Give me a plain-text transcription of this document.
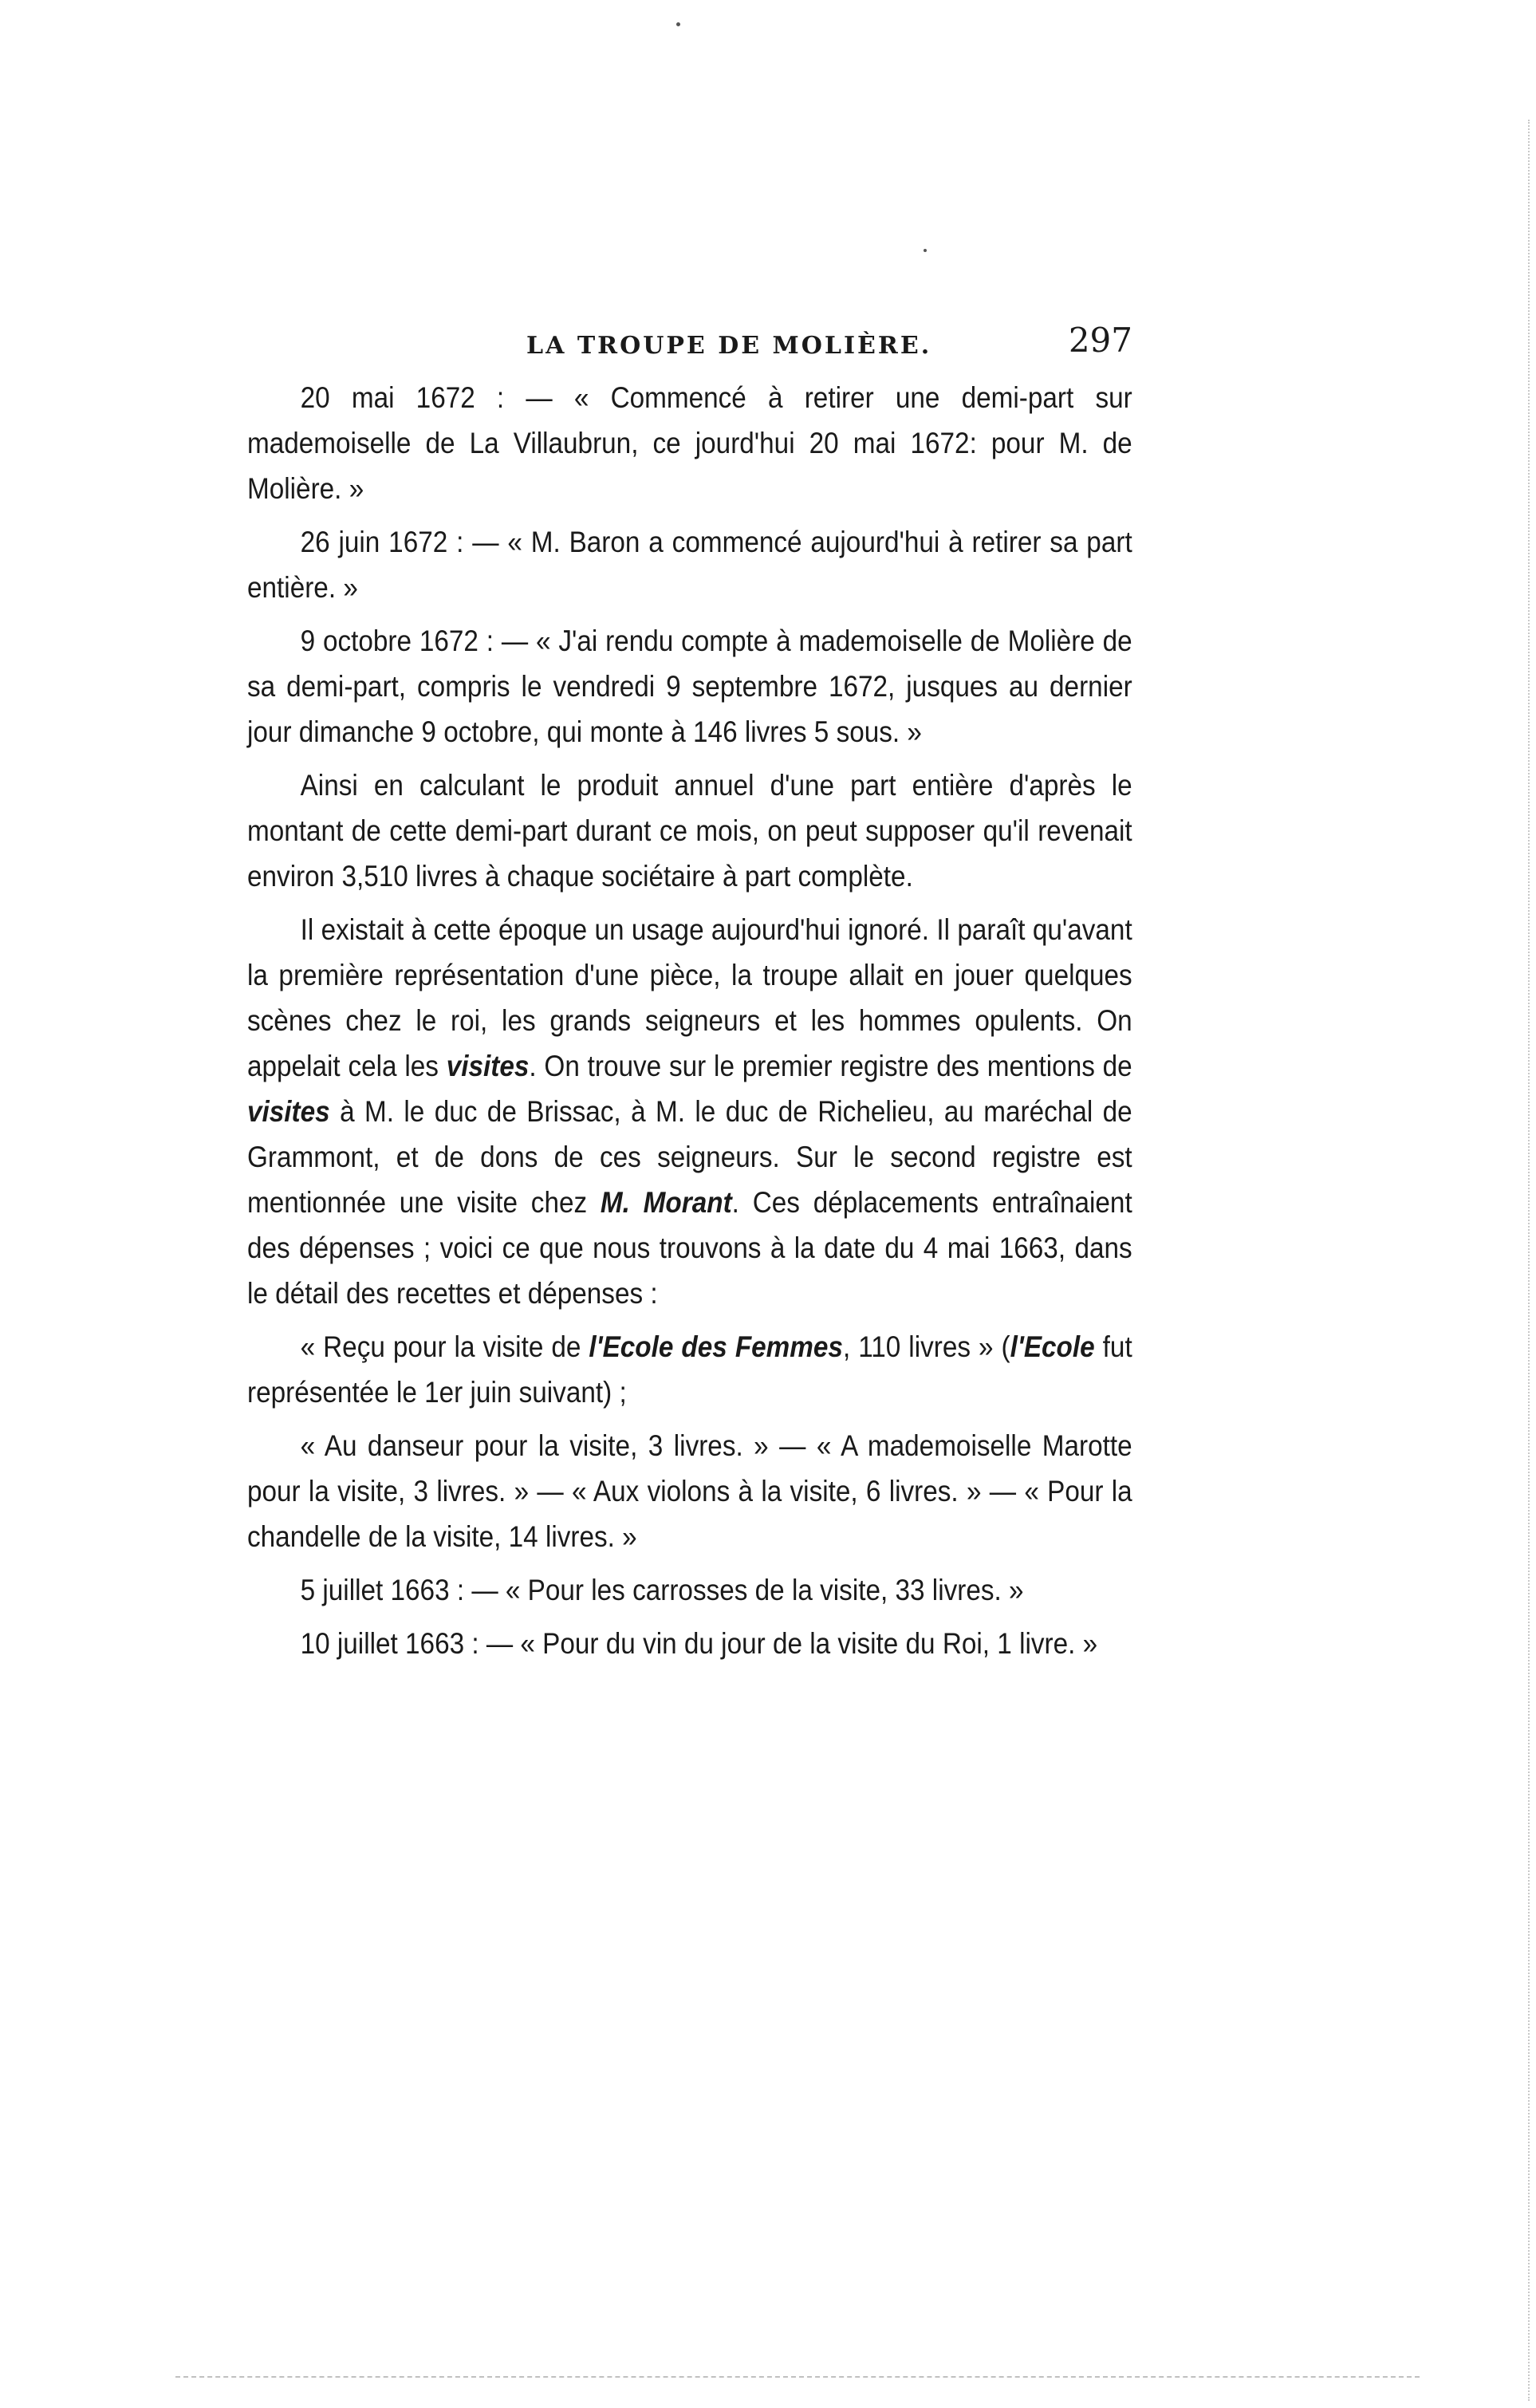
LA TROUPE DE MOLIÈRE.	297

20 mai 1672 : — « Commencé à retirer une demi-part sur mademoiselle de La Villaubrun, ce jourd'hui 20 mai 1672: pour M. de Molière. »

26 juin 1672 : — « M. Baron a commencé aujourd'hui à retirer sa part entière. »

9 octobre 1672 : — « J'ai rendu compte à mademoiselle de Molière de sa demi-part, compris le vendredi 9 septembre 1672, jusques au dernier jour dimanche 9 octobre, qui monte à 146 livres 5 sous. »

Ainsi en calculant le produit annuel d'une part entière d'après le montant de cette demi-part durant ce mois, on peut supposer qu'il revenait environ 3,510 livres à chaque sociétaire à part complète.

Il existait à cette époque un usage aujourd'hui ignoré. Il paraît qu'avant la première représentation d'une pièce, la troupe allait en jouer quelques scènes chez le roi, les grands seigneurs et les hommes opulents. On appelait cela les visites. On trouve sur le premier registre des mentions de visites à M. le duc de Brissac, à M. le duc de Richelieu, au maréchal de Grammont, et de dons de ces seigneurs. Sur le second registre est mentionnée une visite chez M. Morant. Ces déplacements entraînaient des dépenses ; voici ce que nous trouvons à la date du 4 mai 1663, dans le détail des recettes et dépenses :

« Reçu pour la visite de l'Ecole des Femmes, 110 livres » (l'Ecole fut représentée le 1er juin suivant) ;

« Au danseur pour la visite, 3 livres. » — « A mademoiselle Marotte pour la visite, 3 livres. » — « Aux violons à la visite, 6 livres. » — « Pour la chandelle de la visite, 14 livres. »

5 juillet 1663 : — « Pour les carrosses de la visite, 33 livres. »

10 juillet 1663 : — « Pour du vin du jour de la visite du Roi, 1 livre. »
